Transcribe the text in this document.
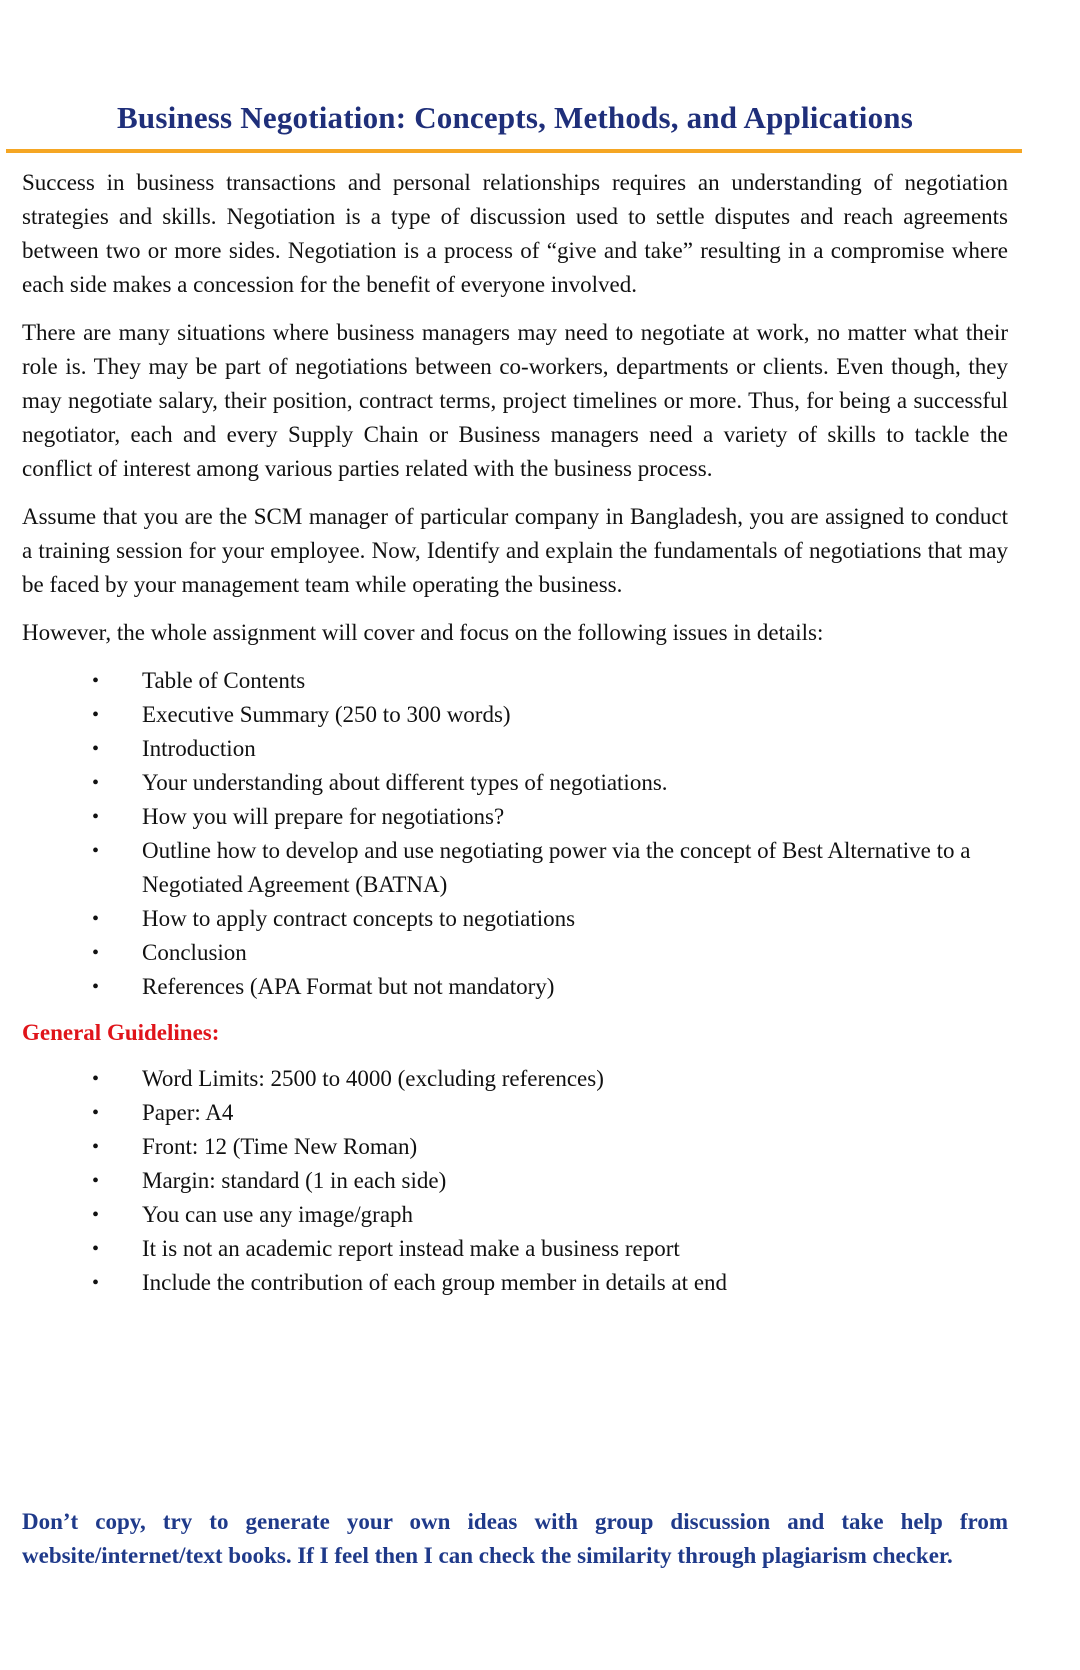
Business Negotiation: Concepts, Methods, and Applications

Success in business transactions and personal relationships requires an understanding of negotiation strategies and skills. Negotiation is a type of discussion used to settle disputes and reach agreements between two or more sides. Negotiation is a process of “give and take” resulting in a compromise where each side makes a concession for the benefit of everyone involved.

There are many situations where business managers may need to negotiate at work, no matter what their role is. They may be part of negotiations between co-workers, departments or clients. Even though, they may negotiate salary, their position, contract terms, project timelines or more. Thus, for being a successful negotiator, each and every Supply Chain or Business managers need a variety of skills to tackle the conflict of interest among various parties related with the business process.

Assume that you are the SCM manager of particular company in Bangladesh, you are assigned to conduct a training session for your employee. Now, Identify and explain the fundamentals of negotiations that may be faced by your management team while operating the business.

However, the whole assignment will cover and focus on the following issues in details:

• Table of Contents
• Executive Summary (250 to 300 words)
• Introduction
• Your understanding about different types of negotiations.
• How you will prepare for negotiations?
• Outline how to develop and use negotiating power via the concept of Best Alternative to a Negotiated Agreement (BATNA)
• How to apply contract concepts to negotiations
• Conclusion
• References (APA Format but not mandatory)
General Guidelines:
• Word Limits: 2500 to 4000 (excluding references)
• Paper: A4
• Front: 12 (Time New Roman)
• Margin: standard (1 in each side)
• You can use any image/graph
• It is not an academic report instead make a business report
• Include the contribution of each group member in details at end
Don’t copy, try to generate your own ideas with group discussion and take help from website/internet/text books. If I feel then I can check the similarity through plagiarism checker.
